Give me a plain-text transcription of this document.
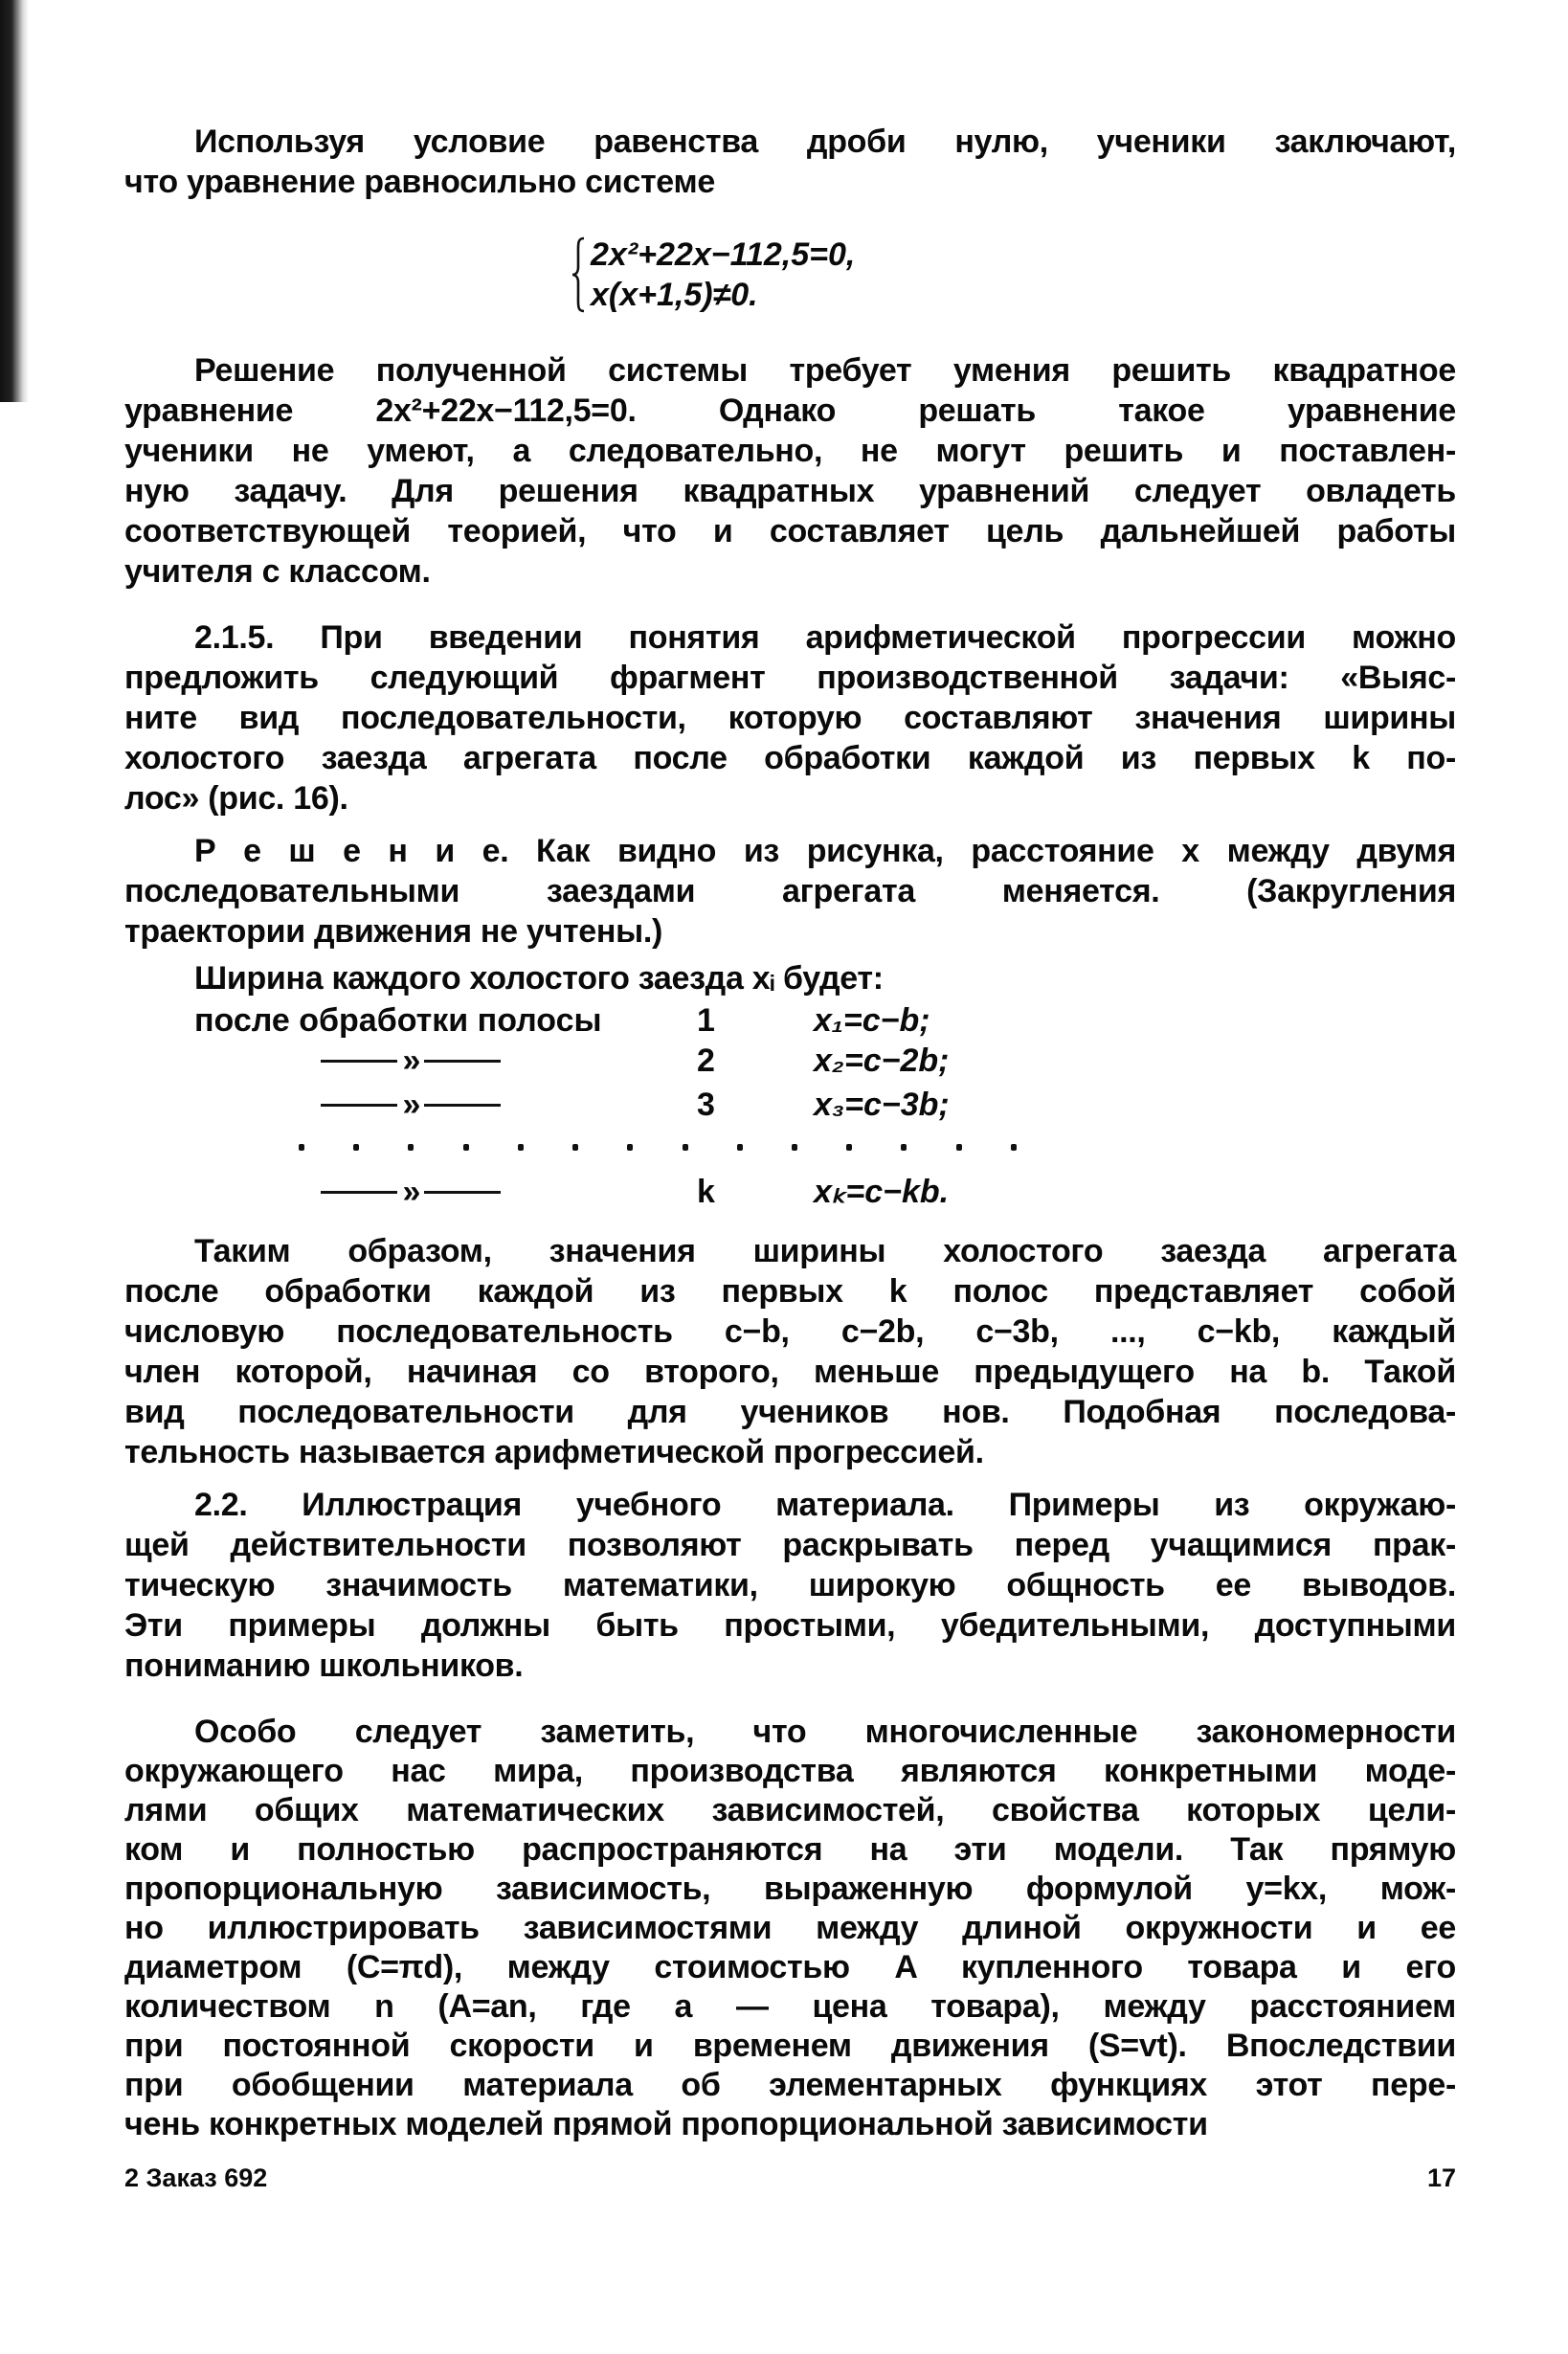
Используя условие равенства дроби нулю, ученики заключают,
что уравнение равносильно системе
Решение полученной системы требует умения решить квадратное
уравнение 2x²+22x−112,5=0. Однако решать такое уравнение
ученики не умеют, а следовательно, не могут решить и поставлен-
ную задачу. Для решения квадратных уравнений следует овладеть
соответствующей теорией, что и составляет цель дальнейшей работы
учителя с классом.
2.1.5. При введении понятия арифметической прогрессии можно
предложить следующий фрагмент производственной задачи: «Выяс-
ните вид последовательности, которую составляют значения ширины
холостого заезда агрегата после обработки каждой из первых k по-
лос» (рис. 16).
Р е ш е н и е. Как видно из рисунка, расстояние x между двумя
последовательными заездами агрегата меняется. (Закругления
траектории движения не учтены.)
Ширина каждого холостого заезда xᵢ будет:
Таким образом, значения ширины холостого заезда агрегата
после обработки каждой из первых k полос представляет собой
числовую последовательность c−b, c−2b, c−3b, ..., c−kb, каждый
член которой, начиная со второго, меньше предыдущего на b. Такой
вид последовательности для учеников нов. Подобная последова-
тельность называется арифметической прогрессией.
2.2. Иллюстрация учебного материала. Примеры из окружаю-
щей действительности позволяют раскрывать перед учащимися прак-
тическую значимость математики, широкую общность ее выводов.
Эти примеры должны быть простыми, убедительными, доступными
пониманию школьников.
Особо следует заметить, что многочисленные закономерности
окружающего нас мира, производства являются конкретными моде-
лями общих математических зависимостей, свойства которых цели-
ком и полностью распространяются на эти модели. Так прямую
пропорциональную зависимость, выраженную формулой y=kx, мож-
но иллюстрировать зависимостями между длиной окружности и ее
диаметром (C=πd), между стоимостью A купленного товара и его
количеством n (A=an, где a — цена товара), между расстоянием
при постоянной скорости и временем движения (S=vt). Впоследствии
при обобщении материала об элементарных функциях этот пере-
чень конкретных моделей прямой пропорциональной зависимости
2x²+22x−112,5=0,
x(x+1,5)≠0.
после обработки полосы	1	x₁=c−b;
»	2	x₂=c−2b;
»	3	x₃=c−3b;
»	k	xₖ=c−kb.
2 Заказ 692	17
